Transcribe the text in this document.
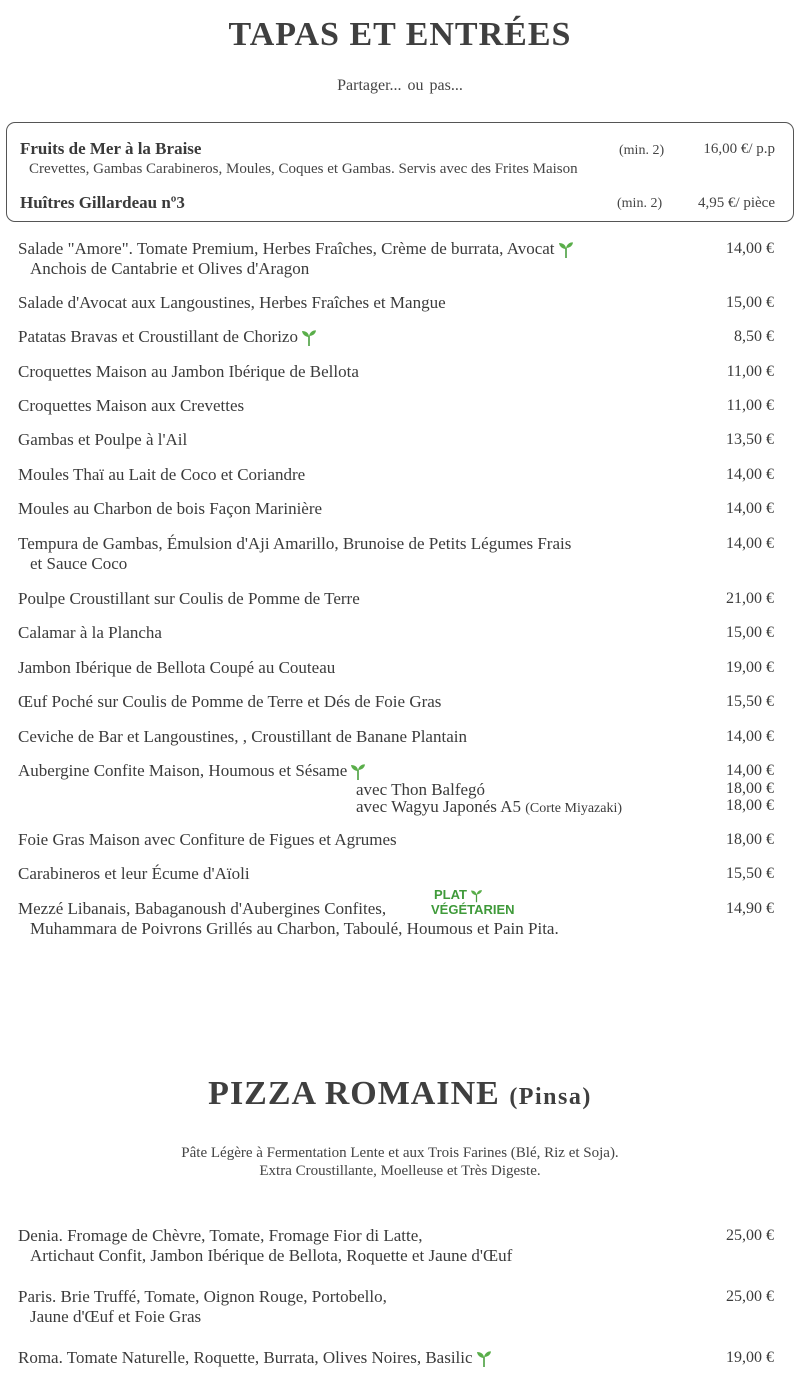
TAPAS ET ENTRÉES
Partager... ou pas...
Fruits de Mer à la Braise	(min. 2)	16,00 €/ p.p
Crevettes, Gambas Carabineros, Moules, Coques et Gambas. Servis avec des Frites Maison
Huîtres Gillardeau nº3	(min. 2) 4,95 €/ pièce
Salade "Amore". Tomate Premium, Herbes Fraîches, Crème de burrata, Avocat
Anchois de Cantabrie et Olives d'Aragon
14,00 €
Salade d'Avocat aux Langoustines, Herbes Fraîches et Mangue	15,00 €
Patatas Bravas et Croustillant de Chorizo	8,50 €
Croquettes Maison au Jambon Ibérique de Bellota	11,00 €
Croquettes Maison aux Crevettes	11,00 €
Gambas et Poulpe à l'Ail	13,50 €
Moules Thaï au Lait de Coco et Coriandre	14,00 €
Moules au Charbon de bois Façon Marinière	14,00 €
Tempura de Gambas, Émulsion d'Aji Amarillo, Brunoise de Petits Légumes Frais
et Sauce Coco
14,00 €
Poulpe Croustillant sur Coulis de Pomme de Terre	21,00 €
Calamar à la Plancha	15,00 €
Jambon Ibérique de Bellota Coupé au Couteau	19,00 €
Œuf Poché sur Coulis de Pomme de Terre et Dés de Foie Gras	15,50 €
Ceviche de Bar et Langoustines, , Croustillant de Banane Plantain	14,00 €
Aubergine Confite Maison, Houmous et Sésame	14,00 €
avec Thon Balfegó	18,00 €
avec Wagyu Japonés A5 (Corte Miyazaki)	18,00 €
Foie Gras Maison avec Confiture de Figues et Agrumes	18,00 €
Carabineros et leur Écume d'Aïoli	15,50 €
Mezzé Libanais, Babaganoush d'Aubergines Confites,
Muhammara de Poivrons Grillés au Charbon, Taboulé, Houmous et Pain Pita.
14,90 €
PLAT
VÉGÉTARIEN
PIZZA ROMAINE (Pinsa)
Pâte Légère à Fermentation Lente et aux Trois Farines (Blé, Riz et Soja).
Extra Croustillante, Moelleuse et Très Digeste.
Denia. Fromage de Chèvre, Tomate, Fromage Fior di Latte,
Artichaut Confit, Jambon Ibérique de Bellota, Roquette et Jaune d'Œuf
25,00 €
Paris. Brie Truffé, Tomate, Oignon Rouge, Portobello,
Jaune d'Œuf et Foie Gras
25,00 €
Roma. Tomate Naturelle, Roquette, Burrata, Olives Noires, Basilic	19,00 €
